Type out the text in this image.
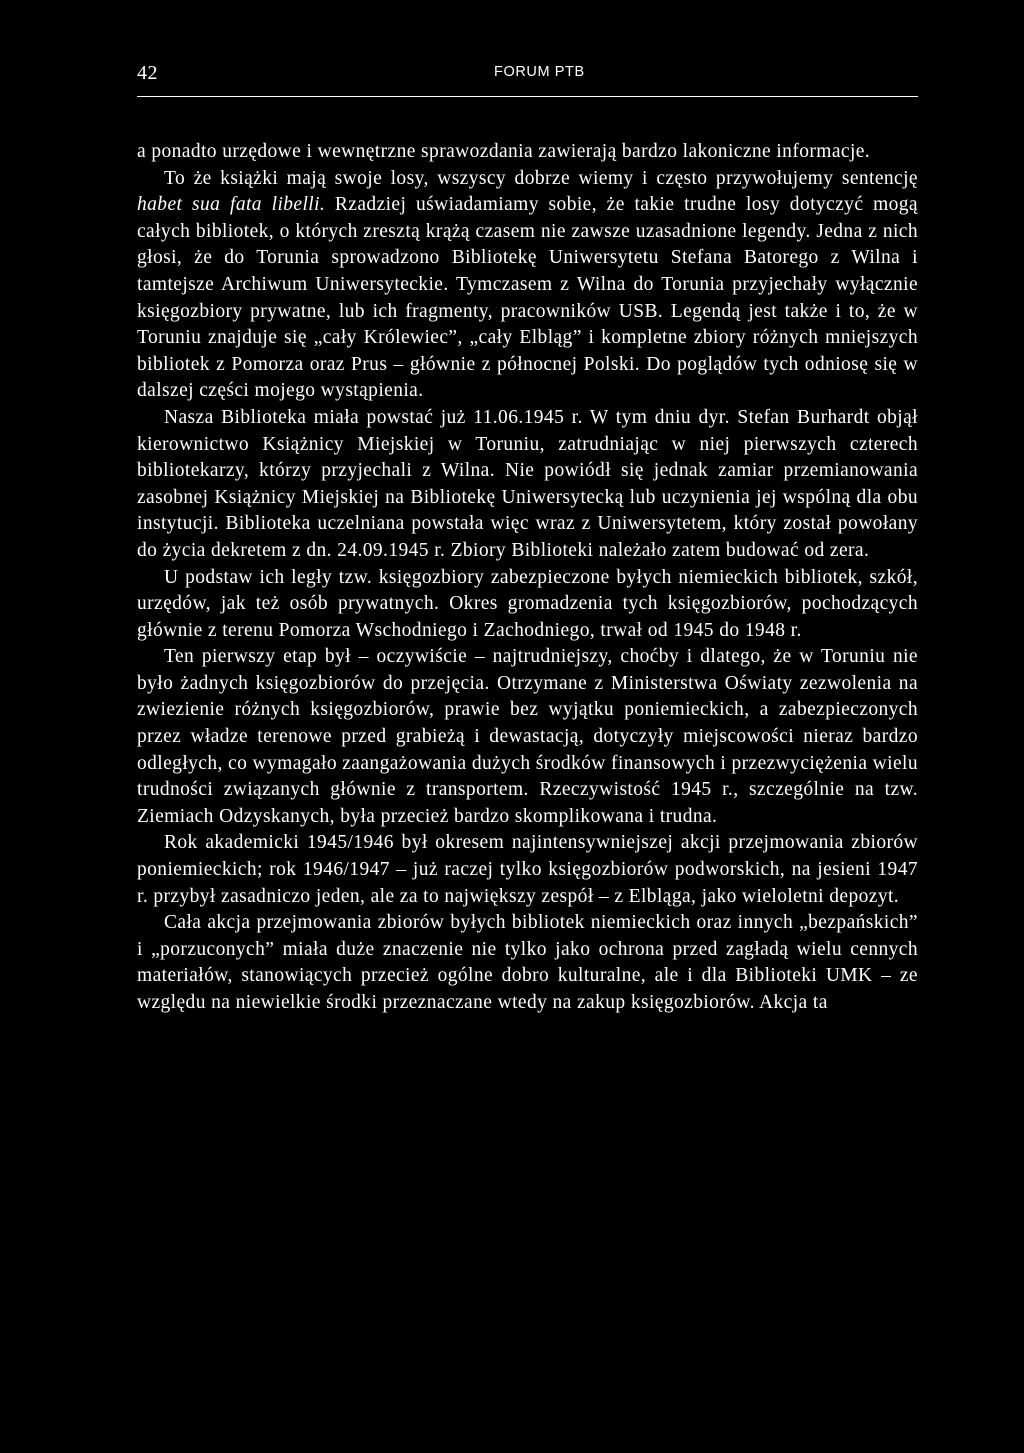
42	FORUM PTB

a ponadto urzędowe i wewnętrzne sprawozdania zawierają bardzo lakoniczne informacje.

To że książki mają swoje losy, wszyscy dobrze wiemy i często przywołujemy sentencję habet sua fata libelli. Rzadziej uświadamiamy sobie, że takie trudne losy dotyczyć mogą całych bibliotek, o których zresztą krążą czasem nie zawsze uzasadnione legendy. Jedna z nich głosi, że do Torunia sprowadzono Bibliotekę Uniwersytetu Stefana Batorego z Wilna i tamtejsze Archiwum Uniwersyteckie. Tymczasem z Wilna do Torunia przyjechały wyłącznie księgozbiory prywatne, lub ich fragmenty, pracowników USB. Legendą jest także i to, że w Toruniu znajduje się „cały Królewiec”, „cały Elbląg” i kompletne zbiory różnych mniejszych bibliotek z Pomorza oraz Prus – głównie z północnej Polski. Do poglądów tych odniosę się w dalszej części mojego wystąpienia.

Nasza Biblioteka miała powstać już 11.06.1945 r. W tym dniu dyr. Stefan Burhardt objął kierownictwo Książnicy Miejskiej w Toruniu, zatrudniając w niej pierwszych czterech bibliotekarzy, którzy przyjechali z Wilna. Nie powiódł się jednak zamiar przemianowania zasobnej Książnicy Miejskiej na Bibliotekę Uniwersytecką lub uczynienia jej wspólną dla obu instytucji. Biblioteka uczelniana powstała więc wraz z Uniwersytetem, który został powołany do życia dekretem z dn. 24.09.1945 r. Zbiory Biblioteki należało zatem budować od zera.

U podstaw ich legły tzw. księgozbiory zabezpieczone byłych niemieckich bibliotek, szkół, urzędów, jak też osób prywatnych. Okres gromadzenia tych księgozbiorów, pochodzących głównie z terenu Pomorza Wschodniego i Zachodniego, trwał od 1945 do 1948 r.

Ten pierwszy etap był – oczywiście – najtrudniejszy, choćby i dlatego, że w Toruniu nie było żadnych księgozbiorów do przejęcia. Otrzymane z Ministerstwa Oświaty zezwolenia na zwiezienie różnych księgozbiorów, prawie bez wyjątku poniemieckich, a zabezpieczonych przez władze terenowe przed grabieżą i dewastacją, dotyczyły miejscowości nieraz bardzo odległych, co wymagało zaangażowania dużych środków finansowych i przezwyciężenia wielu trudności związanych głównie z transportem. Rzeczywistość 1945 r., szczególnie na tzw. Ziemiach Odzyskanych, była przecież bardzo skomplikowana i trudna.

Rok akademicki 1945/1946 był okresem najintensywniejszej akcji przejmowania zbiorów poniemieckich; rok 1946/1947 – już raczej tylko księgozbiorów podworskich, na jesieni 1947 r. przybył zasadniczo jeden, ale za to największy zespół – z Elbląga, jako wieloletni depozyt.

Cała akcja przejmowania zbiorów byłych bibliotek niemieckich oraz innych „bezpańskich” i „porzuconych” miała duże znaczenie nie tylko jako ochrona przed zagładą wielu cennych materiałów, stanowiących przecież ogólne dobro kulturalne, ale i dla Biblioteki UMK – ze względu na niewielkie środki przeznaczane wtedy na zakup księgozbiorów. Akcja ta
